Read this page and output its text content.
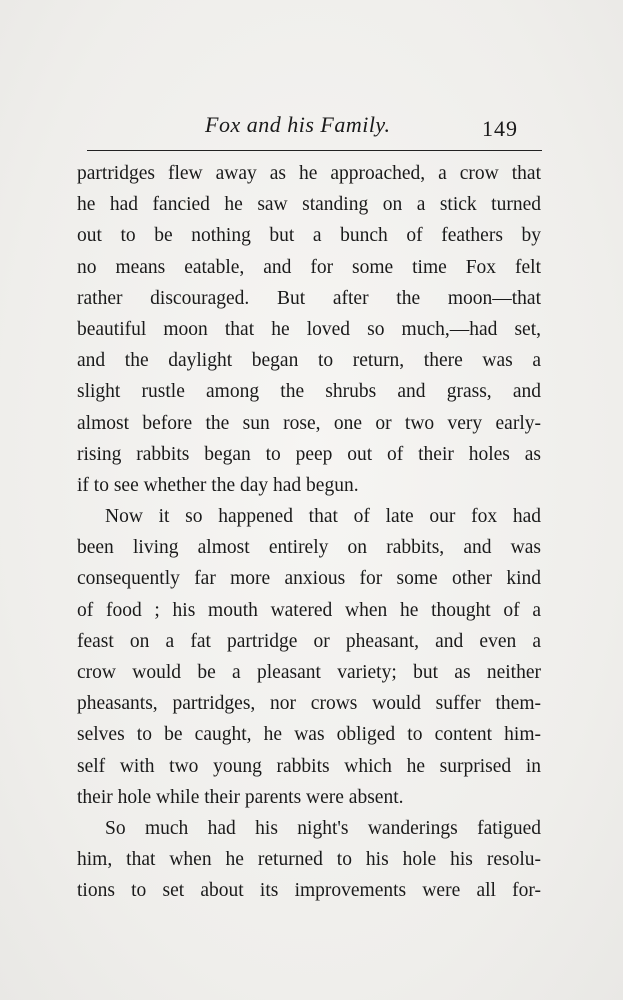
Fox and his Family.	149
partridges flew away as he approached, a crow that
he had fancied he saw standing on a stick turned
out to be nothing but a bunch of feathers by
no means eatable, and for some time Fox felt
rather discouraged. But after the moon—that
beautiful moon that he loved so much,—had set,
and the daylight began to return, there was a
slight rustle among the shrubs and grass, and
almost before the sun rose, one or two very early-
rising rabbits began to peep out of their holes as
if to see whether the day had begun.
Now it so happened that of late our fox had
been living almost entirely on rabbits, and was
consequently far more anxious for some other kind
of food ; his mouth watered when he thought of a
feast on a fat partridge or pheasant, and even a
crow would be a pleasant variety; but as neither
pheasants, partridges, nor crows would suffer them-
selves to be caught, he was obliged to content him-
self with two young rabbits which he surprised in
their hole while their parents were absent.
So much had his night's wanderings fatigued
him, that when he returned to his hole his resolu-
tions to set about its improvements were all for-
